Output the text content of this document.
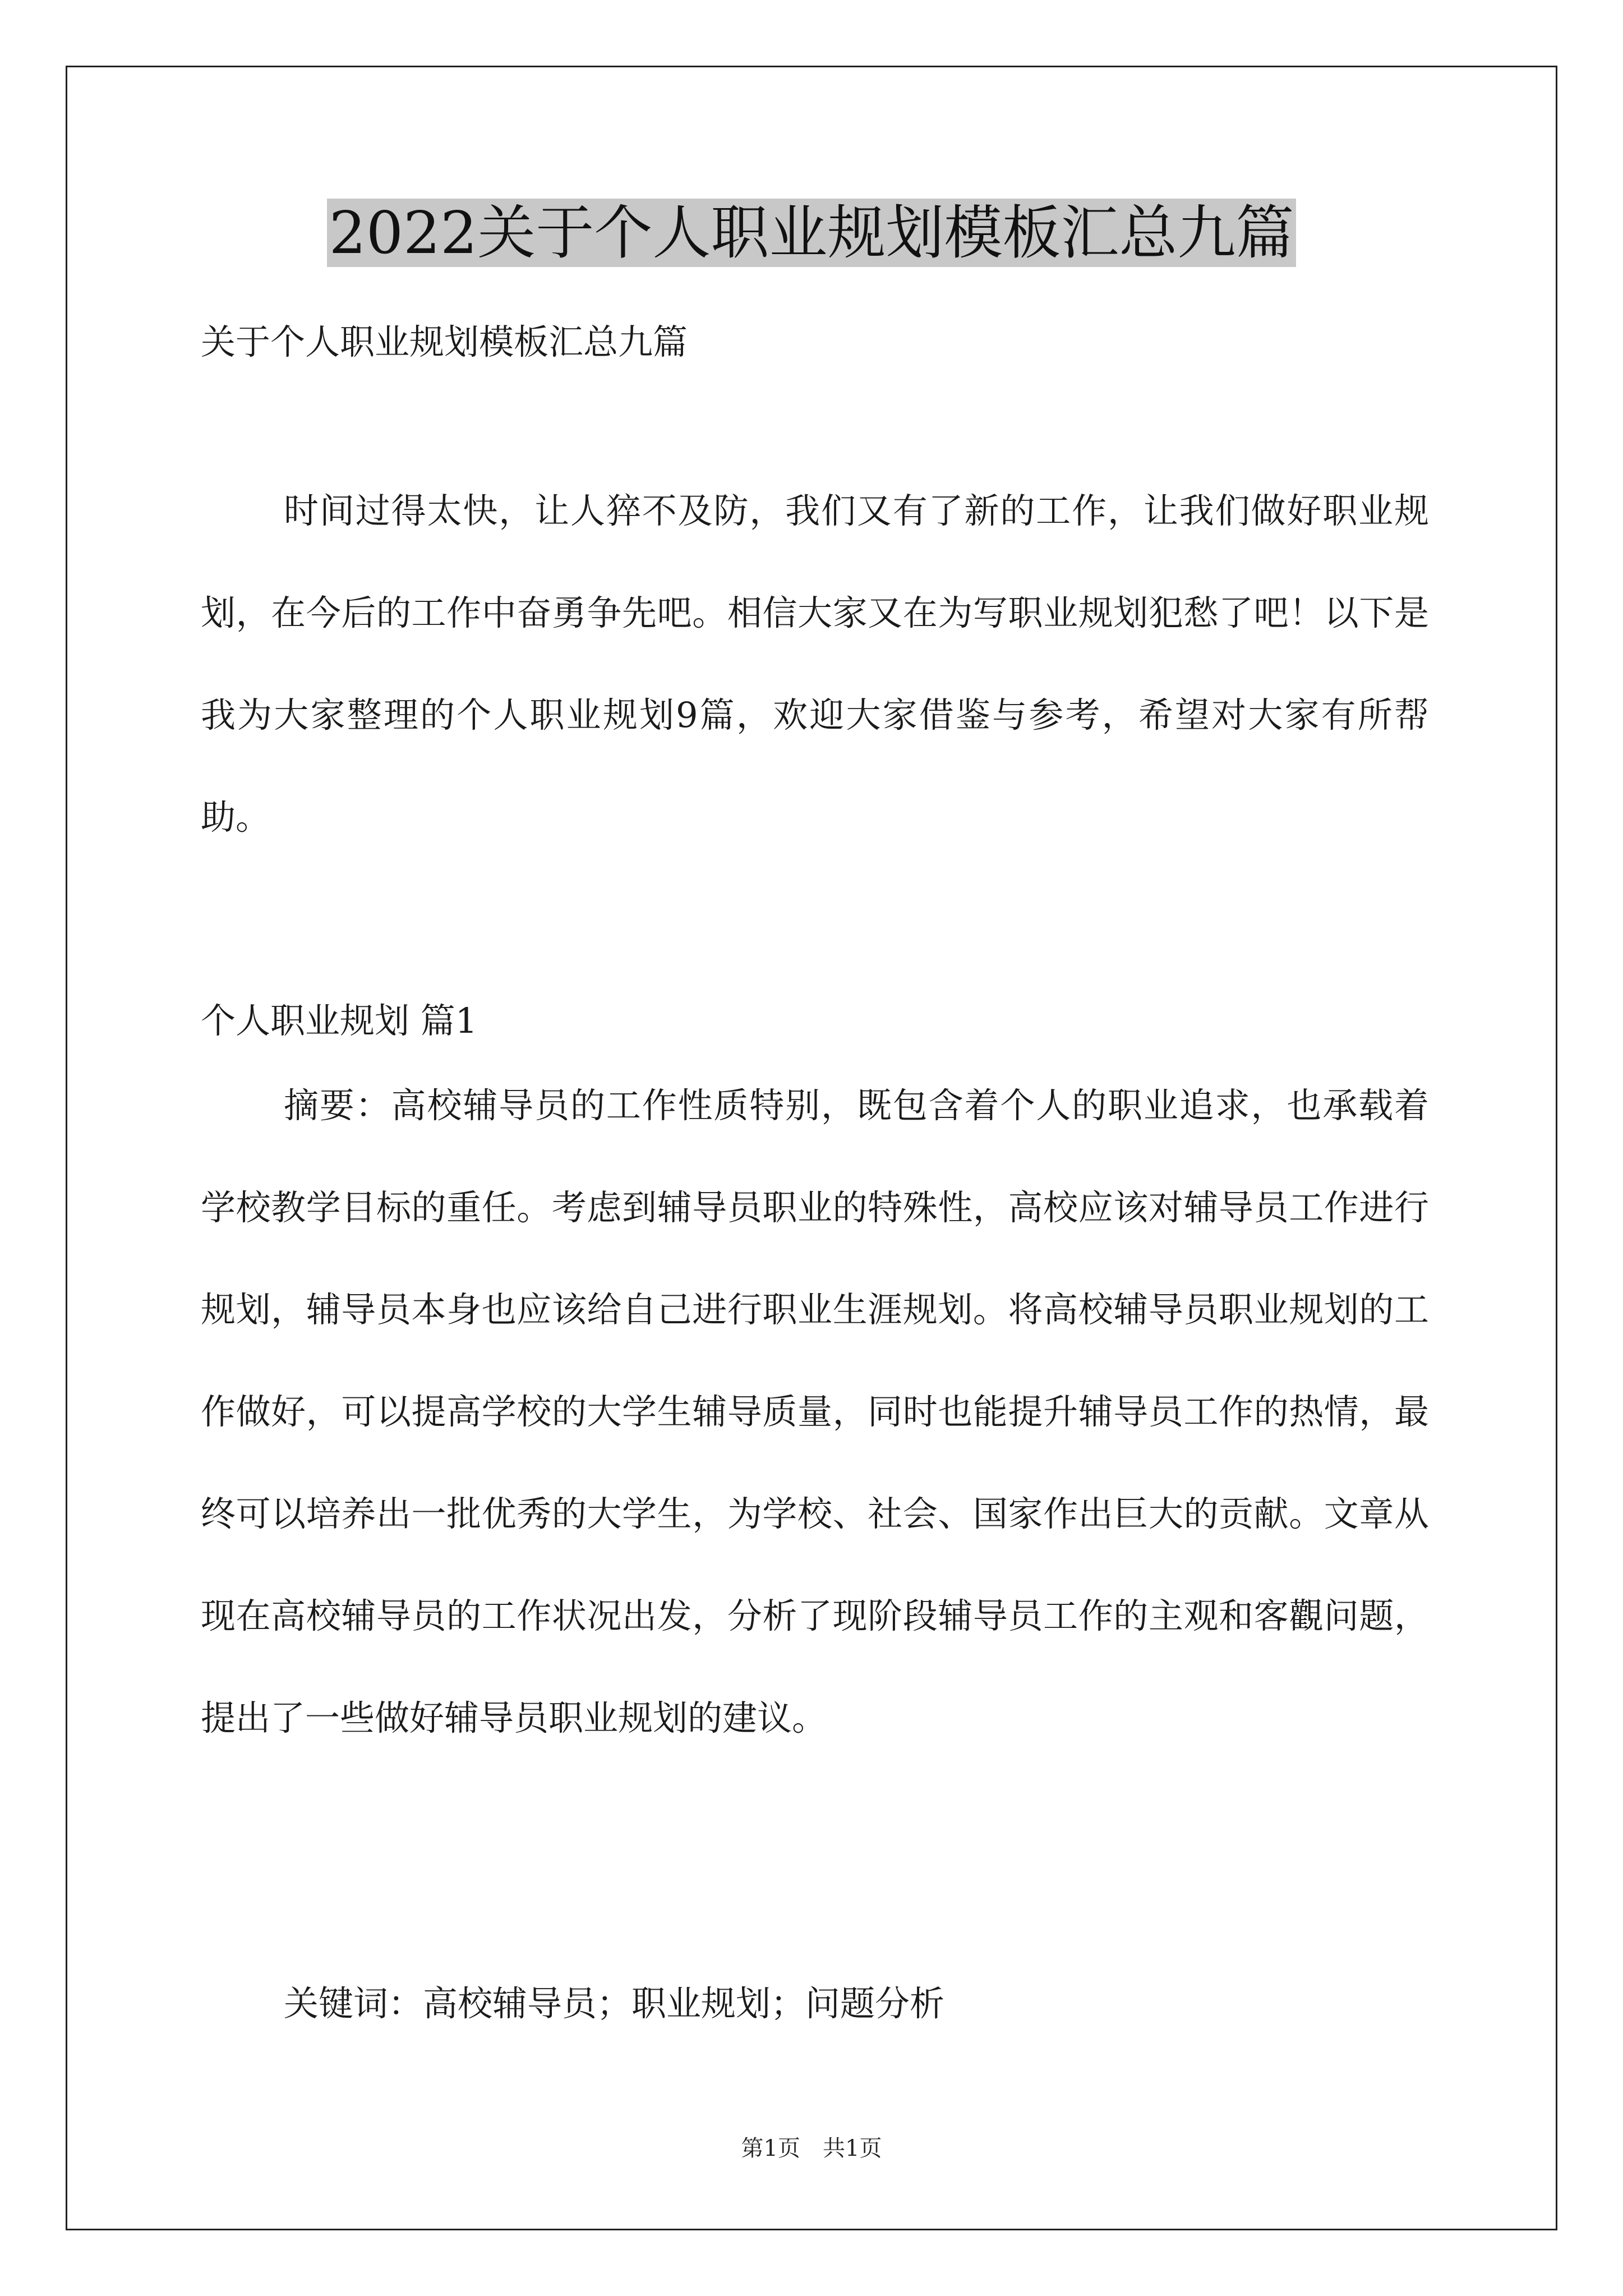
2022关于个人职业规划模板汇总九篇
关于个人职业规划模板汇总九篇

时间过得太快，让人猝不及防，我们又有了新的工作，让我们做好职业规划，在今后的工作中奋勇争先吧。相信大家又在为写职业规划犯愁了吧！以下是我为大家整理的个人职业规划9篇，欢迎大家借鉴与参考，希望对大家有所帮助。

个人职业规划 篇1

摘要：高校辅导员的工作性质特别，既包含着个人的职业追求，也承载着学校教学目标的重任。考虑到辅导员职业的特殊性，高校应该对辅导员工作进行规划，辅导员本身也应该给自己进行职业生涯规划。将高校辅导员职业规划的工作做好，可以提高学校的大学生辅导质量，同时也能提升辅导员工作的热情，最终可以培养出一批优秀的大学生，为学校、社会、国家作出巨大的贡献。文章从现在高校辅导员的工作状况出发，分析了现阶段辅导员工作的主观和客觀问题，提出了一些做好辅导员职业规划的建议。

关键词：高校辅导员；职业规划；问题分析
第1页　共1页
